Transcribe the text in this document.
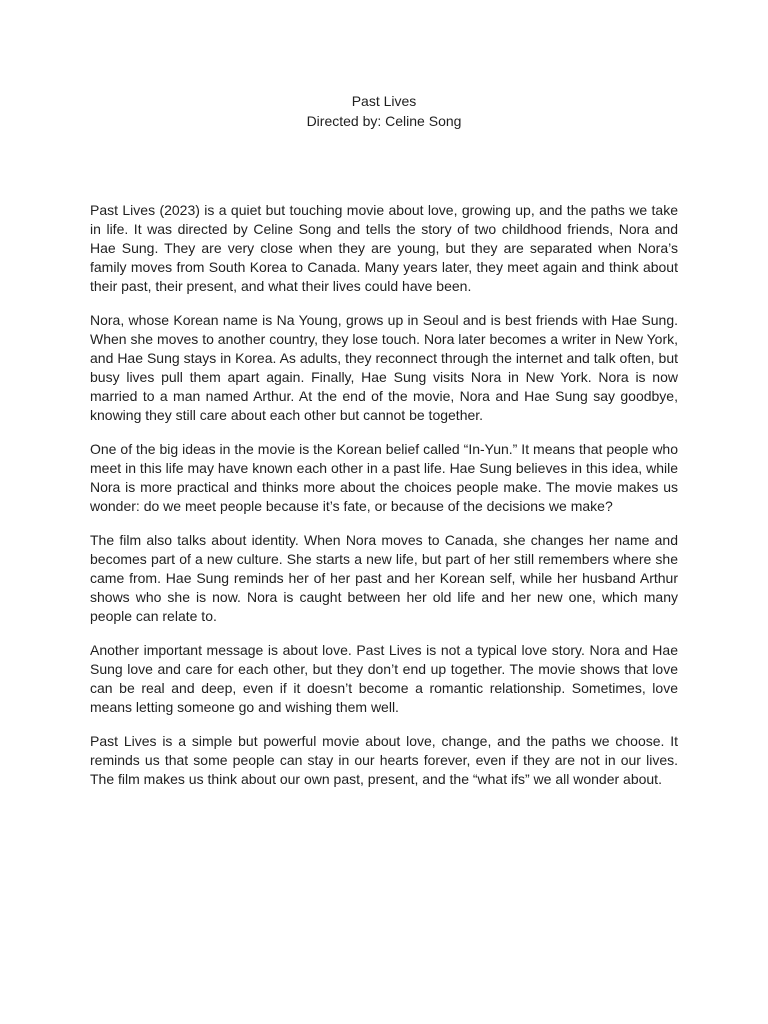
Past Lives
Directed by: Celine Song

Past Lives (2023) is a quiet but touching movie about love, growing up, and the paths we take in life. It was directed by Celine Song and tells the story of two childhood friends, Nora and Hae Sung. They are very close when they are young, but they are separated when Nora’s family moves from South Korea to Canada. Many years later, they meet again and think about their past, their present, and what their lives could have been.

Nora, whose Korean name is Na Young, grows up in Seoul and is best friends with Hae Sung. When she moves to another country, they lose touch. Nora later becomes a writer in New York, and Hae Sung stays in Korea. As adults, they reconnect through the internet and talk often, but busy lives pull them apart again. Finally, Hae Sung visits Nora in New York. Nora is now married to a man named Arthur. At the end of the movie, Nora and Hae Sung say goodbye, knowing they still care about each other but cannot be together.

One of the big ideas in the movie is the Korean belief called “In-Yun.” It means that people who meet in this life may have known each other in a past life. Hae Sung believes in this idea, while Nora is more practical and thinks more about the choices people make. The movie makes us wonder: do we meet people because it’s fate, or because of the decisions we make?

The film also talks about identity. When Nora moves to Canada, she changes her name and becomes part of a new culture. She starts a new life, but part of her still remembers where she came from. Hae Sung reminds her of her past and her Korean self, while her husband Arthur shows who she is now. Nora is caught between her old life and her new one, which many people can relate to.

Another important message is about love. Past Lives is not a typical love story. Nora and Hae Sung love and care for each other, but they don’t end up together. The movie shows that love can be real and deep, even if it doesn’t become a romantic relationship. Sometimes, love means letting someone go and wishing them well.

Past Lives is a simple but powerful movie about love, change, and the paths we choose. It reminds us that some people can stay in our hearts forever, even if they are not in our lives. The film makes us think about our own past, present, and the “what ifs” we all wonder about.
